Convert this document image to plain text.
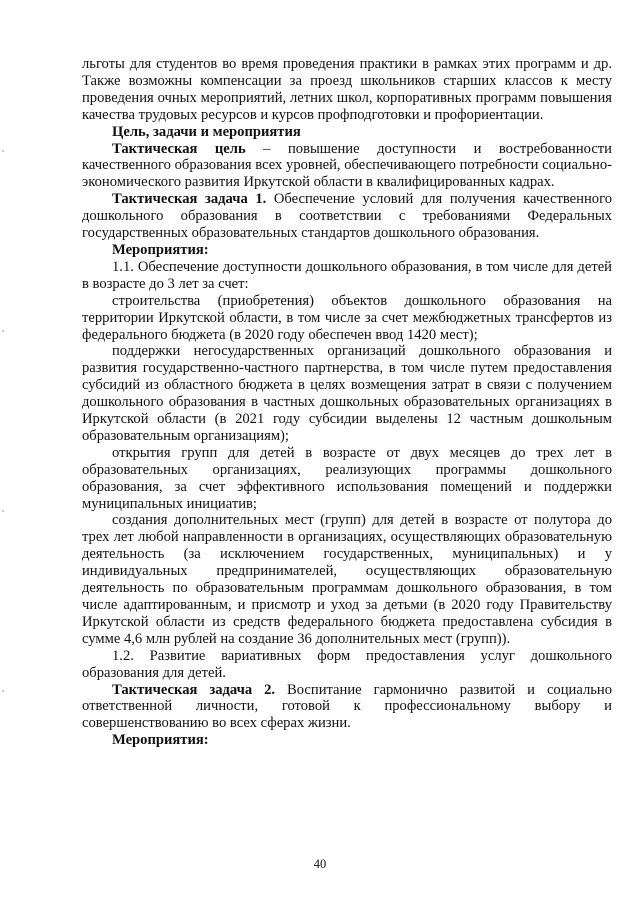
льготы для студентов во время проведения практики в рамках этих программ и др. Также возможны компенсации за проезд школьников старших классов к месту проведения очных мероприятий, летних школ, корпоративных программ повышения качества трудовых ресурсов и курсов профподготовки и профориентации.

Цель, задачи и мероприятия

Тактическая цель – повышение доступности и востребованности качественного образования всех уровней, обеспечивающего потребности социально-экономического развития Иркутской области в квалифицированных кадрах.

Тактическая задача 1. Обеспечение условий для получения качественного дошкольного образования в соответствии с требованиями Федеральных государственных образовательных стандартов дошкольного образования.

Мероприятия:

1.1. Обеспечение доступности дошкольного образования, в том числе для детей в возрасте до 3 лет за счет:

строительства (приобретения) объектов дошкольного образования на территории Иркутской области, в том числе за счет межбюджетных трансфертов из федерального бюджета (в 2020 году обеспечен ввод 1420 мест);

поддержки негосударственных организаций дошкольного образования и развития государственно-частного партнерства, в том числе путем предоставления субсидий из областного бюджета в целях возмещения затрат в связи с получением дошкольного образования в частных дошкольных образовательных организациях в Иркутской области (в 2021 году субсидии выделены 12 частным дошкольным образовательным организациям);

открытия групп для детей в возрасте от двух месяцев до трех лет в образовательных организациях, реализующих программы дошкольного образования, за счет эффективного использования помещений и поддержки муниципальных инициатив;

создания дополнительных мест (групп) для детей в возрасте от полутора до трех лет любой направленности в организациях, осуществляющих образовательную деятельность (за исключением государственных, муниципальных) и у индивидуальных предпринимателей, осуществляющих образовательную деятельность по образовательным программам дошкольного образования, в том числе адаптированным, и присмотр и уход за детьми (в 2020 году Правительству Иркутской области из средств федерального бюджета предоставлена субсидия в сумме 4,6 млн рублей на создание 36 дополнительных мест (групп)).

1.2. Развитие вариативных форм предоставления услуг дошкольного образования для детей.

Тактическая задача 2. Воспитание гармонично развитой и социально ответственной личности, готовой к профессиональному выбору и совершенствованию во всех сферах жизни.

Мероприятия:

40
